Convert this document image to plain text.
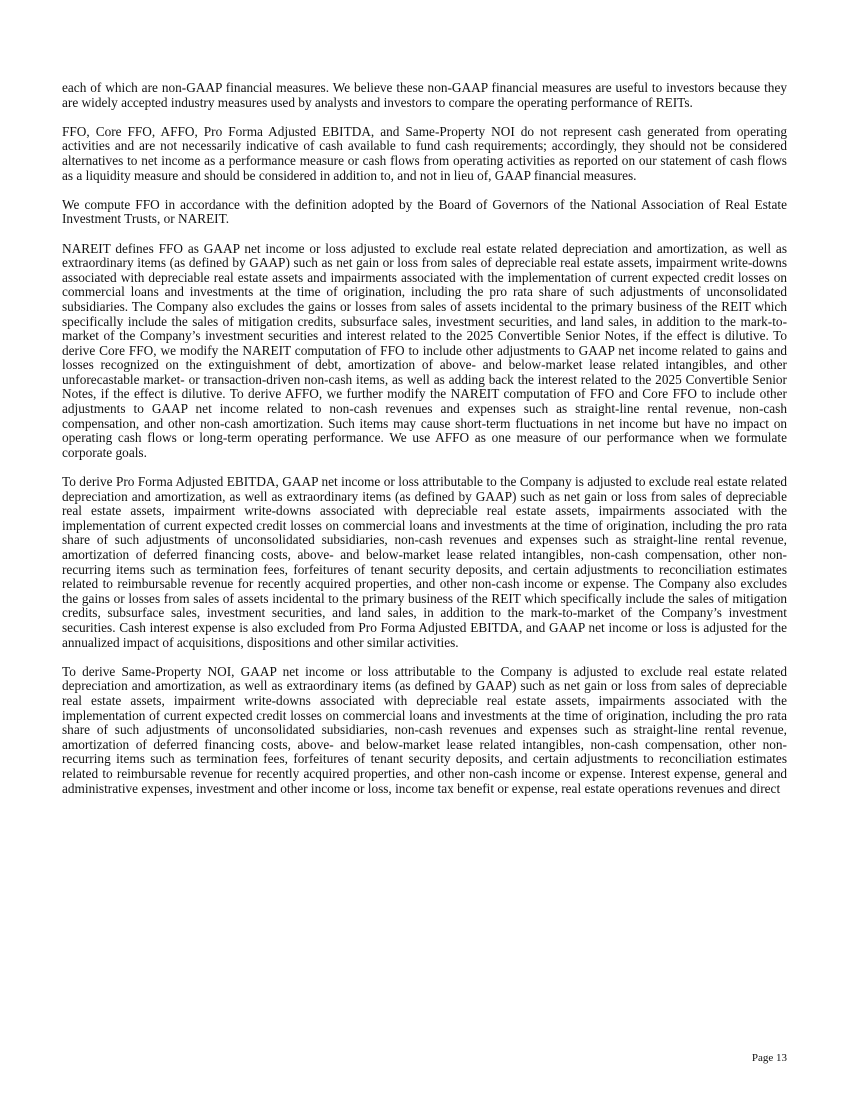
each of which are non-GAAP financial measures. We believe these non-GAAP financial measures are useful to investors because they are widely accepted industry measures used by analysts and investors to compare the operating performance of REITs.

FFO, Core FFO, AFFO, Pro Forma Adjusted EBITDA, and Same-Property NOI do not represent cash generated from operating activities and are not necessarily indicative of cash available to fund cash requirements; accordingly, they should not be considered alternatives to net income as a performance measure or cash flows from operating activities as reported on our statement of cash flows as a liquidity measure and should be considered in addition to, and not in lieu of, GAAP financial measures.

We compute FFO in accordance with the definition adopted by the Board of Governors of the National Association of Real Estate Investment Trusts, or NAREIT.

NAREIT defines FFO as GAAP net income or loss adjusted to exclude real estate related depreciation and amortization, as well as extraordinary items (as defined by GAAP) such as net gain or loss from sales of depreciable real estate assets, impairment write-downs associated with depreciable real estate assets and impairments associated with the implementation of current expected credit losses on commercial loans and investments at the time of origination, including the pro rata share of such adjustments of unconsolidated subsidiaries. The Company also excludes the gains or losses from sales of assets incidental to the primary business of the REIT which specifically include the sales of mitigation credits, subsurface sales, investment securities, and land sales, in addition to the mark-to-market of the Company’s investment securities and interest related to the 2025 Convertible Senior Notes, if the effect is dilutive. To derive Core FFO, we modify the NAREIT computation of FFO to include other adjustments to GAAP net income related to gains and losses recognized on the extinguishment of debt, amortization of above- and below-market lease related intangibles, and other unforecastable market- or transaction-driven non-cash items, as well as adding back the interest related to the 2025 Convertible Senior Notes, if the effect is dilutive. To derive AFFO, we further modify the NAREIT computation of FFO and Core FFO to include other adjustments to GAAP net income related to non-cash revenues and expenses such as straight-line rental revenue, non-cash compensation, and other non-cash amortization. Such items may cause short-term fluctuations in net income but have no impact on operating cash flows or long-term operating performance. We use AFFO as one measure of our performance when we formulate corporate goals.

To derive Pro Forma Adjusted EBITDA, GAAP net income or loss attributable to the Company is adjusted to exclude real estate related depreciation and amortization, as well as extraordinary items (as defined by GAAP) such as net gain or loss from sales of depreciable real estate assets, impairment write-downs associated with depreciable real estate assets, impairments associated with the implementation of current expected credit losses on commercial loans and investments at the time of origination, including the pro rata share of such adjustments of unconsolidated subsidiaries, non-cash revenues and expenses such as straight-line rental revenue, amortization of deferred financing costs, above- and below-market lease related intangibles, non-cash compensation, other non-recurring items such as termination fees, forfeitures of tenant security deposits, and certain adjustments to reconciliation estimates related to reimbursable revenue for recently acquired properties, and other non-cash income or expense. The Company also excludes the gains or losses from sales of assets incidental to the primary business of the REIT which specifically include the sales of mitigation credits, subsurface sales, investment securities, and land sales, in addition to the mark-to-market of the Company’s investment securities. Cash interest expense is also excluded from Pro Forma Adjusted EBITDA, and GAAP net income or loss is adjusted for the annualized impact of acquisitions, dispositions and other similar activities.

To derive Same-Property NOI, GAAP net income or loss attributable to the Company is adjusted to exclude real estate related depreciation and amortization, as well as extraordinary items (as defined by GAAP) such as net gain or loss from sales of depreciable real estate assets, impairment write-downs associated with depreciable real estate assets, impairments associated with the implementation of current expected credit losses on commercial loans and investments at the time of origination, including the pro rata share of such adjustments of unconsolidated subsidiaries, non-cash revenues and expenses such as straight-line rental revenue, amortization of deferred financing costs, above- and below-market lease related intangibles, non-cash compensation, other non-recurring items such as termination fees, forfeitures of tenant security deposits, and certain adjustments to reconciliation estimates related to reimbursable revenue for recently acquired properties, and other non-cash income or expense. Interest expense, general and administrative expenses, investment and other income or loss, income tax benefit or expense, real estate operations revenues and direct

Page 13
